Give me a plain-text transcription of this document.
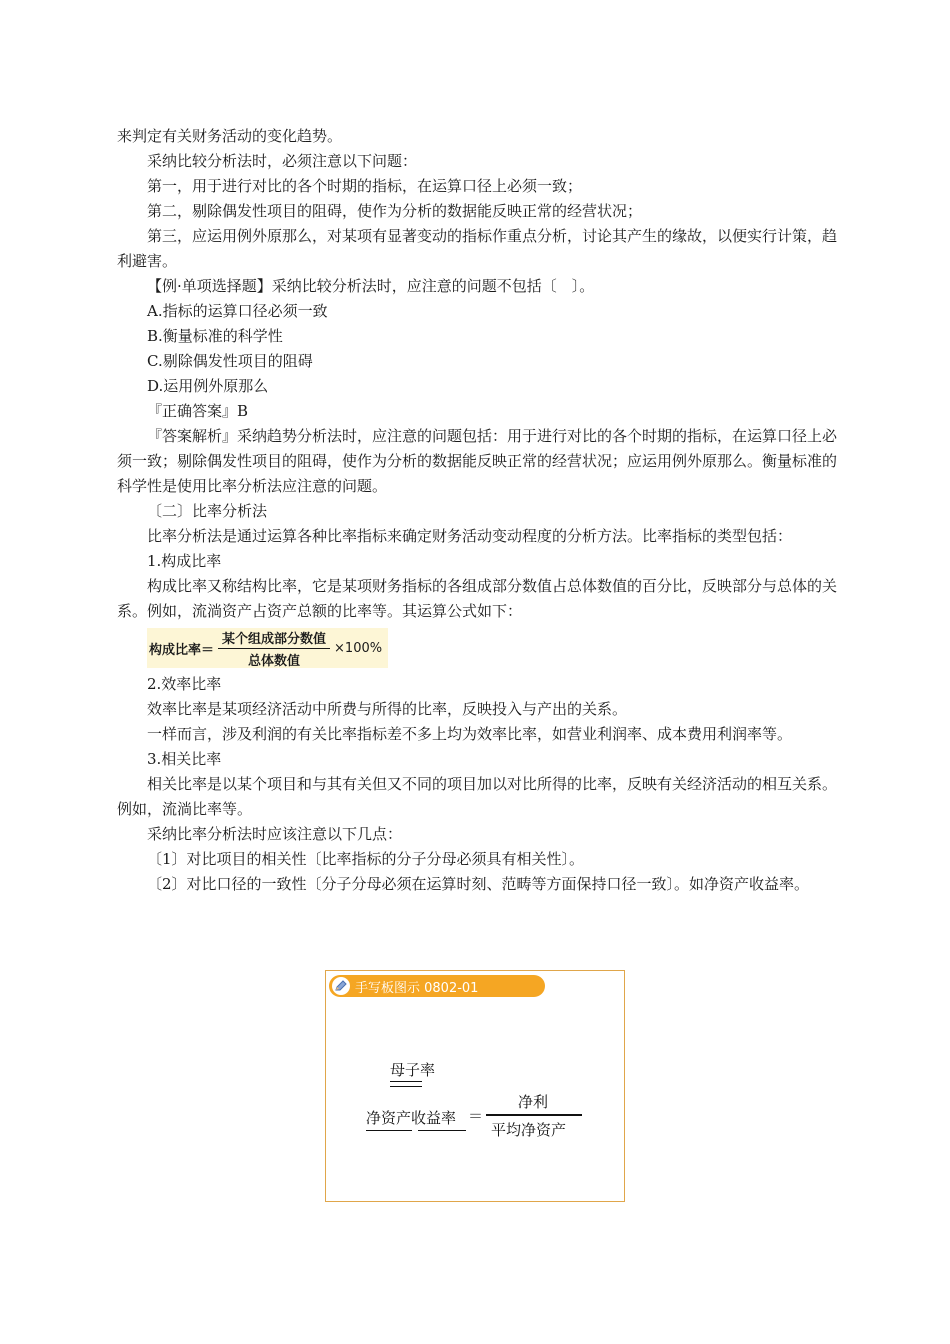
来判定有关财务活动的变化趋势。

采纳比较分析法时，必须注意以下问题：

第一，用于进行对比的各个时期的指标，在运算口径上必须一致；

第二，剔除偶发性项目的阻碍，使作为分析的数据能反映正常的经营状况；

第三，应运用例外原那么，对某项有显著变动的指标作重点分析，讨论其产生的缘故，以便实行计策，趋利避害。

【例·单项选择题】采纳比较分析法时，应注意的问题不包括〔　〕。

A.指标的运算口径必须一致

B.衡量标准的科学性

C.剔除偶发性项目的阻碍

D.运用例外原那么

『正确答案』B

『答案解析』采纳趋势分析法时，应注意的问题包括：用于进行对比的各个时期的指标，在运算口径上必须一致；剔除偶发性项目的阻碍，使作为分析的数据能反映正常的经营状况；应运用例外原那么。衡量标准的科学性是使用比率分析法应注意的问题。

〔二〕比率分析法

比率分析法是通过运算各种比率指标来确定财务活动变动程度的分析方法。比率指标的类型包括：

1.构成比率

构成比率又称结构比率，它是某项财务指标的各组成部分数值占总体数值的百分比，反映部分与总体的关系。例如，流淌资产占资产总额的比率等。其运算公式如下：

构成比率＝ $\frac{\text{某个组成部分数值}}{\text{总体数值}} \times 100\%$

2.效率比率

效率比率是某项经济活动中所费与所得的比率，反映投入与产出的关系。

一样而言，涉及利润的有关比率指标差不多上均为效率比率，如营业利润率、成本费用利润率等。

3.相关比率

相关比率是以某个项目和与其有关但又不同的项目加以对比所得的比率，反映有关经济活动的相互关系。例如，流淌比率等。

采纳比率分析法时应该注意以下几点：

〔1〕对比项目的相关性〔比率指标的分子分母必须具有相关性〕。

〔2〕对比口径的一致性〔分子分母必须在运算时刻、范畴等方面保持口径一致〕。如净资产收益率。

手写板图示 0802-01
母子率
净资产收益率 ＝
净利
平均净资产
